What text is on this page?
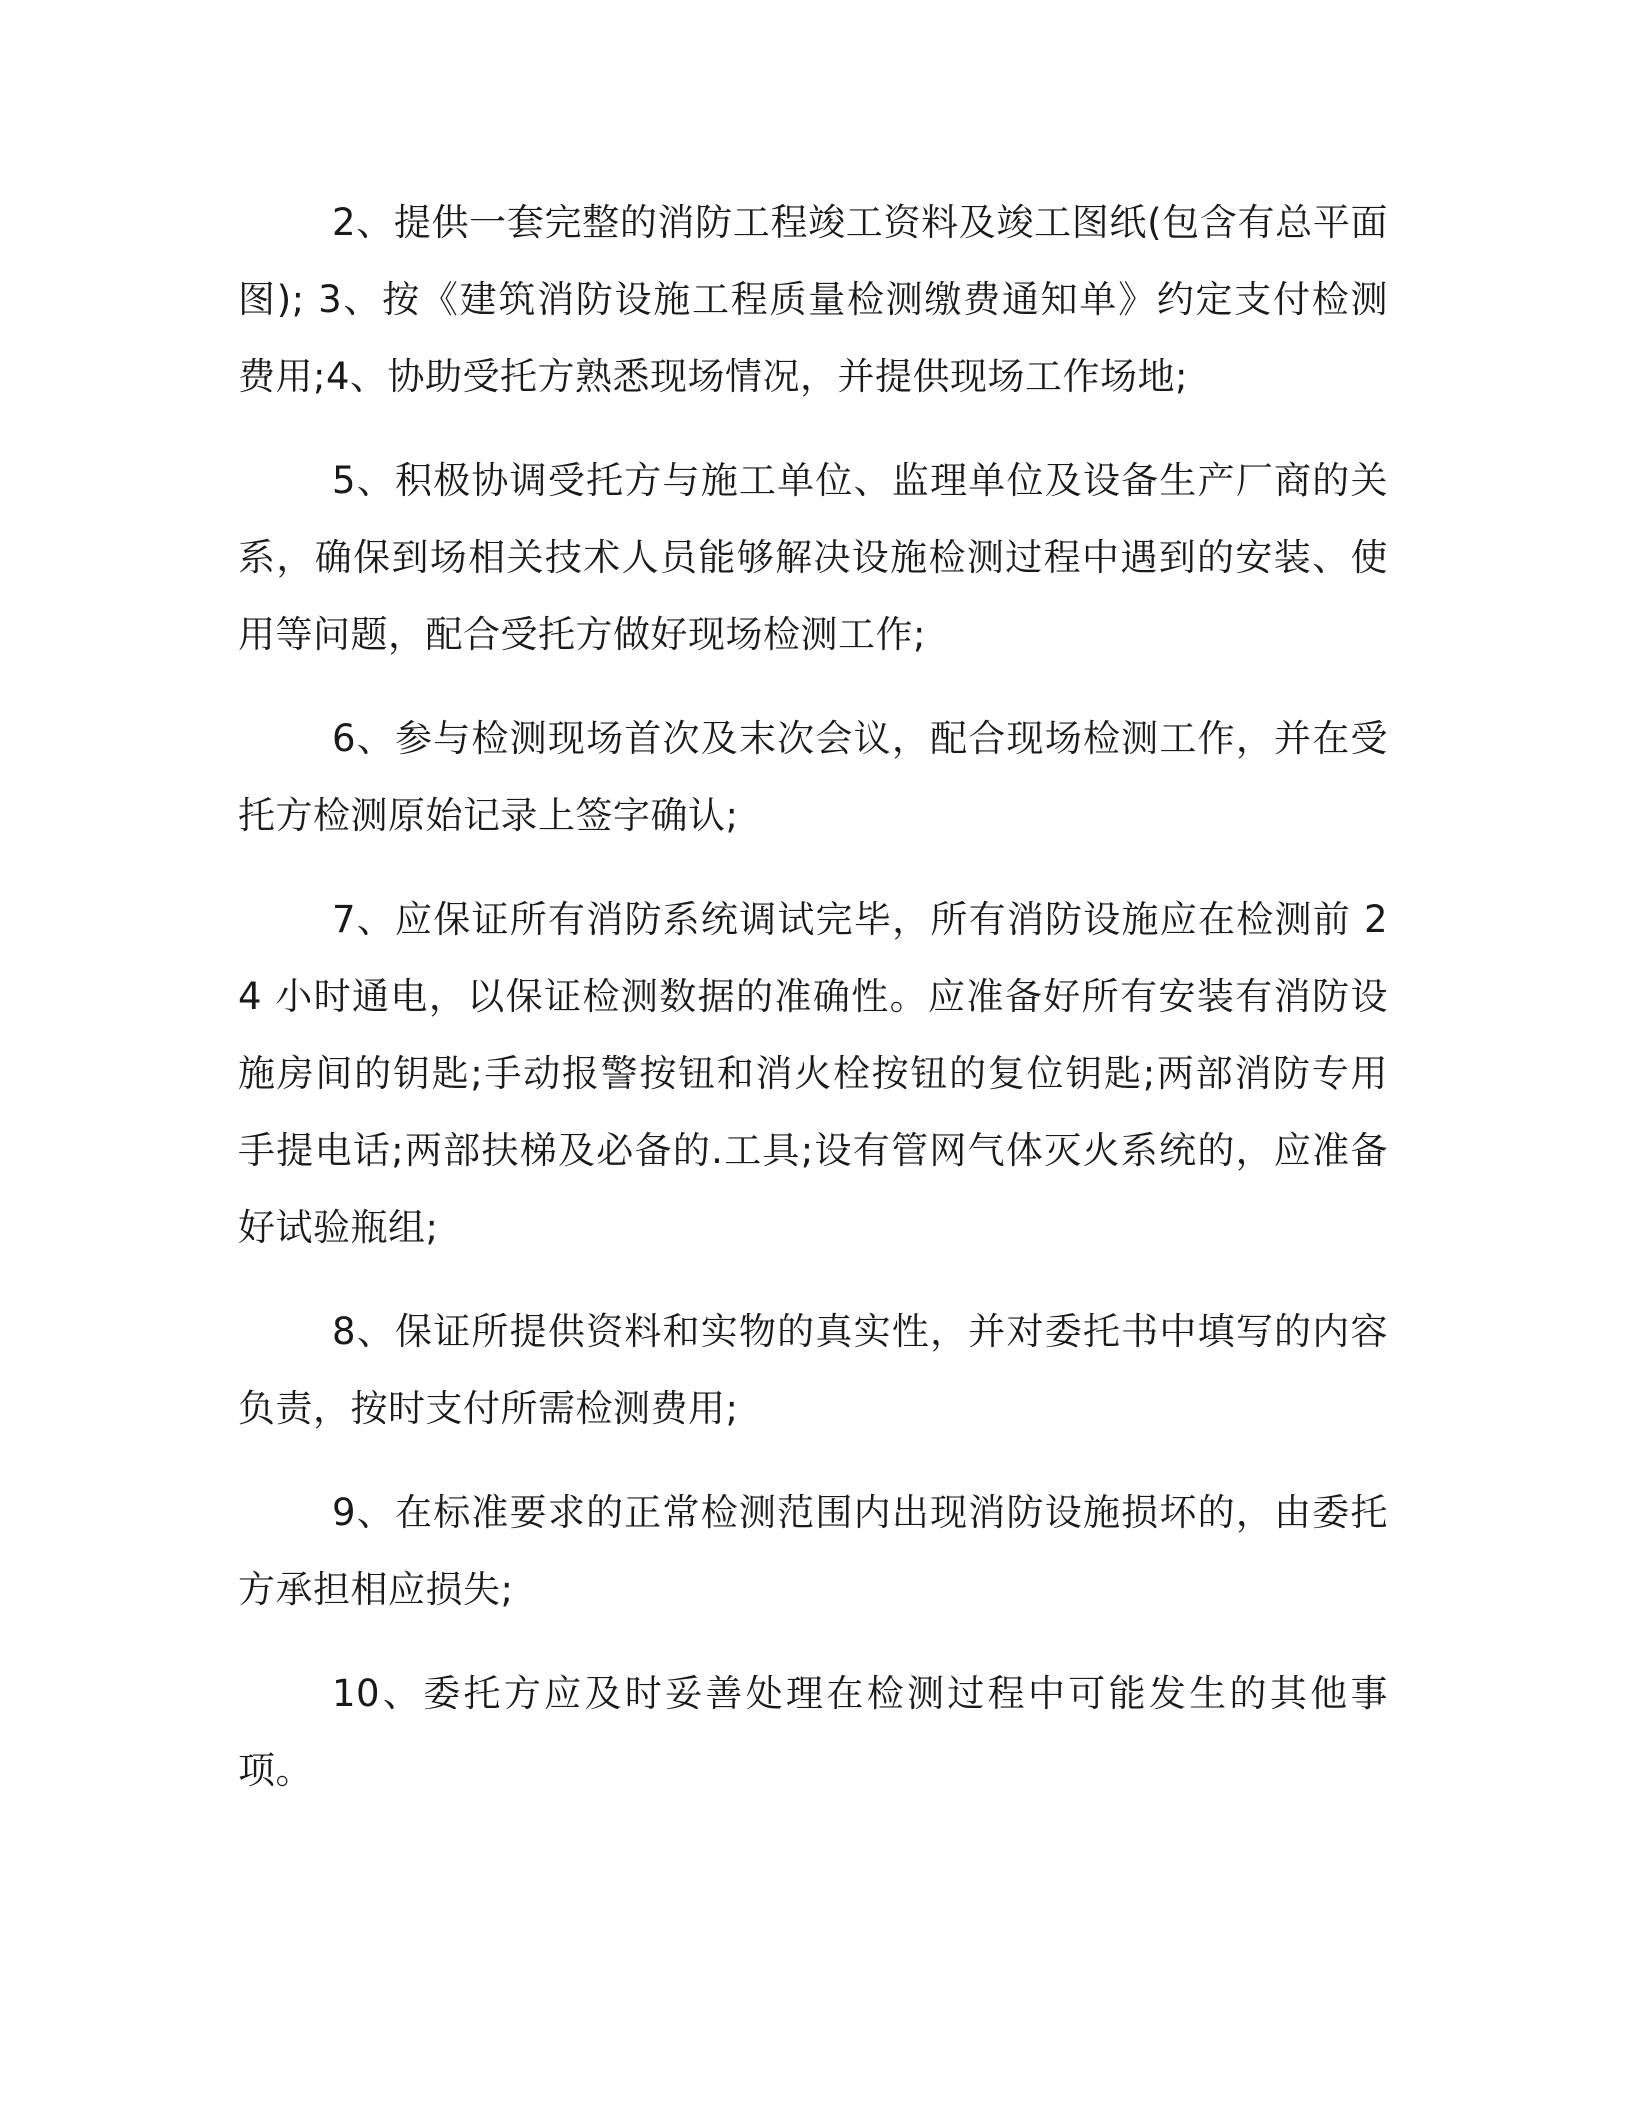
2、提供一套完整的消防工程竣工资料及竣工图纸(包含有总平面图); 3、按《建筑消防设施工程质量检测缴费通知单》约定支付检测费用;4、协助受托方熟悉现场情况，并提供现场工作场地;

5、积极协调受托方与施工单位、监理单位及设备生产厂商的关系，确保到场相关技术人员能够解决设施检测过程中遇到的安装、使用等问题，配合受托方做好现场检测工作;

6、参与检测现场首次及末次会议，配合现场检测工作，并在受托方检测原始记录上签字确认;

7、应保证所有消防系统调试完毕，所有消防设施应在检测前 24 小时通电，以保证检测数据的准确性。应准备好所有安装有消防设施房间的钥匙;手动报警按钮和消火栓按钮的复位钥匙;两部消防专用手提电话;两部扶梯及必备的.工具;设有管网气体灭火系统的，应准备好试验瓶组;

8、保证所提供资料和实物的真实性，并对委托书中填写的内容负责，按时支付所需检测费用;

9、在标准要求的正常检测范围内出现消防设施损坏的，由委托方承担相应损失;

10、委托方应及时妥善处理在检测过程中可能发生的其他事项。
